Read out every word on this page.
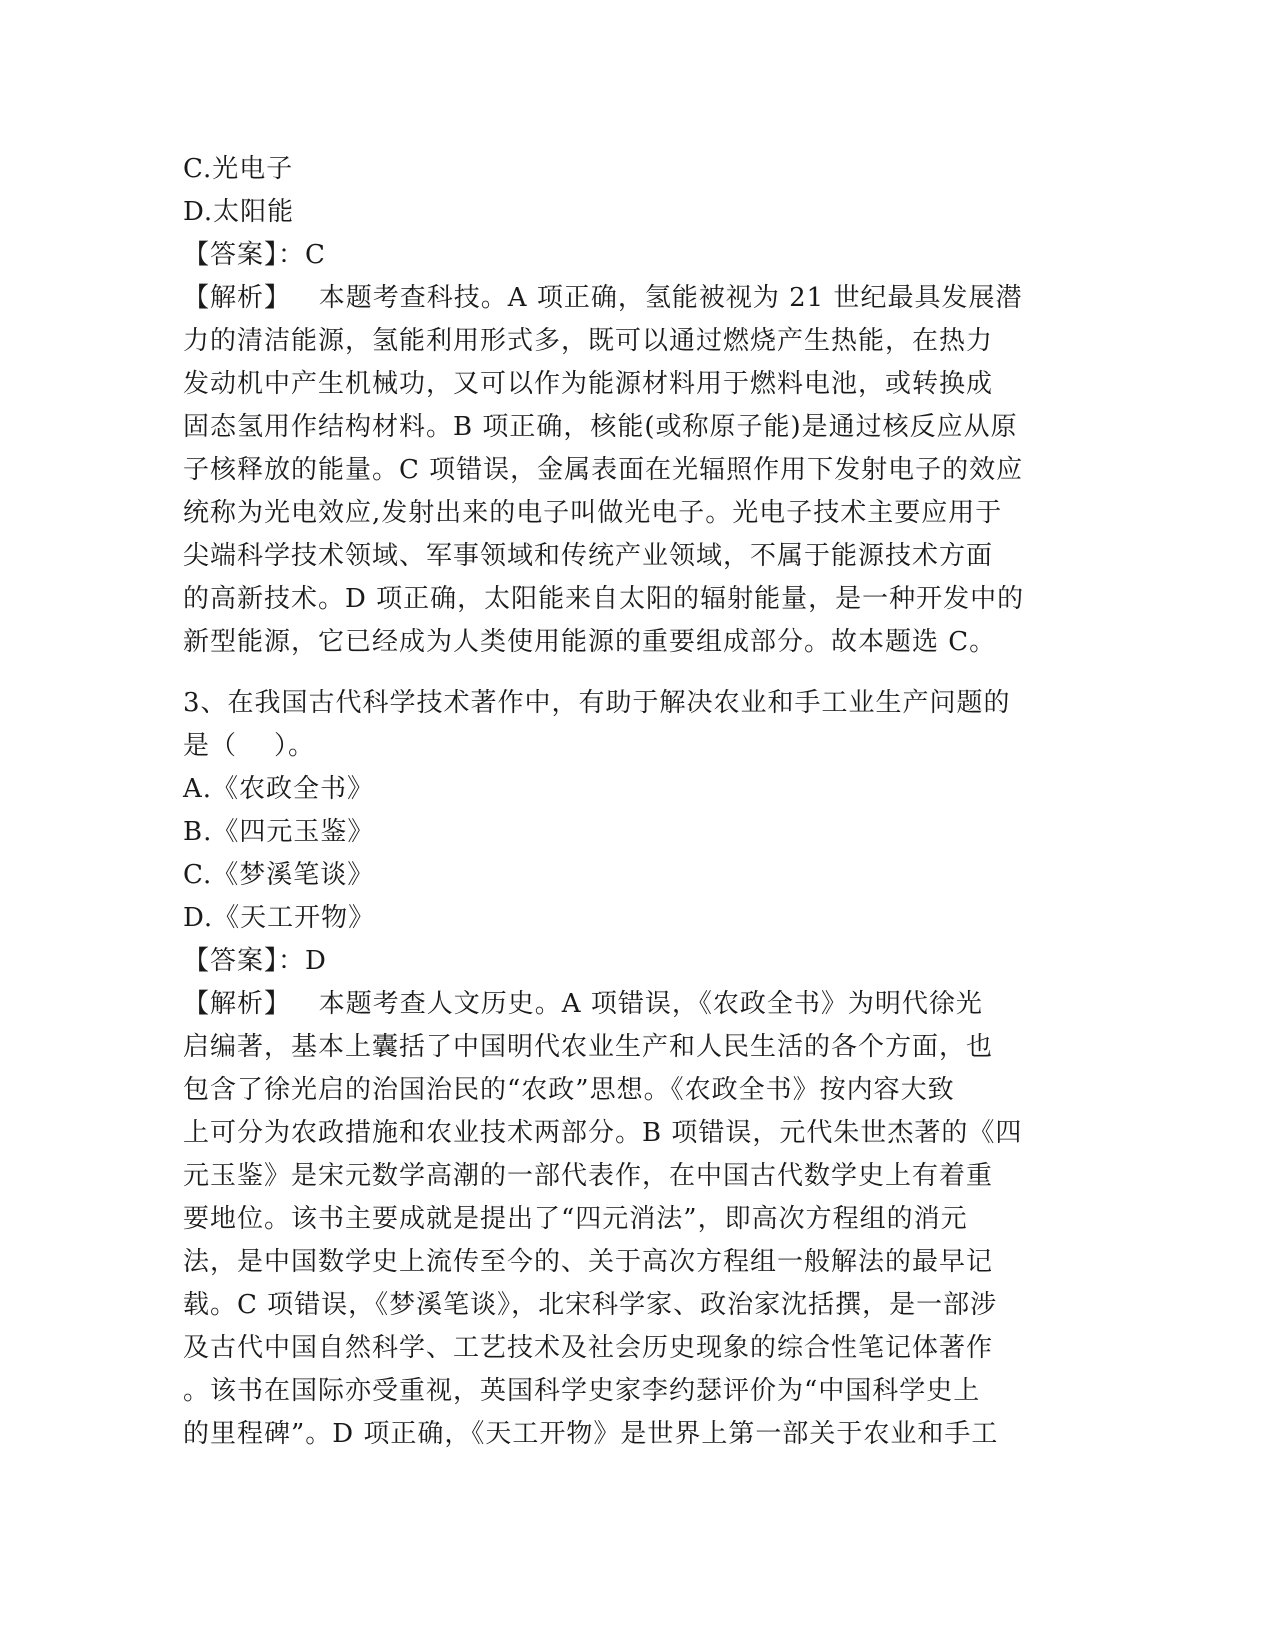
C.光电子
D.太阳能
【答案】：C
【解析】   本题考查科技。A 项正确，氢能被视为 21 世纪最具发展潜
力的清洁能源，氢能利用形式多，既可以通过燃烧产生热能，在热力
发动机中产生机械功，又可以作为能源材料用于燃料电池，或转换成
固态氢用作结构材料。B 项正确，核能(或称原子能)是通过核反应从原
子核释放的能量。C 项错误，金属表面在光辐照作用下发射电子的效应
统称为光电效应,发射出来的电子叫做光电子。光电子技术主要应用于
尖端科学技术领域、军事领域和传统产业领域，不属于能源技术方面
的高新技术。D 项正确，太阳能来自太阳的辐射能量，是一种开发中的
新型能源，它已经成为人类使用能源的重要组成部分。故本题选 C。
3、在我国古代科学技术著作中，有助于解决农业和手工业生产问题的
是（    ）。
A.《农政全书》
B.《四元玉鉴》
C.《梦溪笔谈》
D.《天工开物》
【答案】：D
【解析】   本题考查人文历史。A 项错误，《农政全书》为明代徐光
启编著，基本上囊括了中国明代农业生产和人民生活的各个方面，也
包含了徐光启的治国治民的“农政”思想。《农政全书》按内容大致
上可分为农政措施和农业技术两部分。B 项错误，元代朱世杰著的《四
元玉鉴》是宋元数学高潮的一部代表作，在中国古代数学史上有着重
要地位。该书主要成就是提出了“四元消法”，即高次方程组的消元
法，是中国数学史上流传至今的、关于高次方程组一般解法的最早记
载。C 项错误，《梦溪笔谈》，北宋科学家、政治家沈括撰，是一部涉
及古代中国自然科学、工艺技术及社会历史现象的综合性笔记体著作
。该书在国际亦受重视，英国科学史家李约瑟评价为“中国科学史上
的里程碑”。D 项正确，《天工开物》是世界上第一部关于农业和手工
